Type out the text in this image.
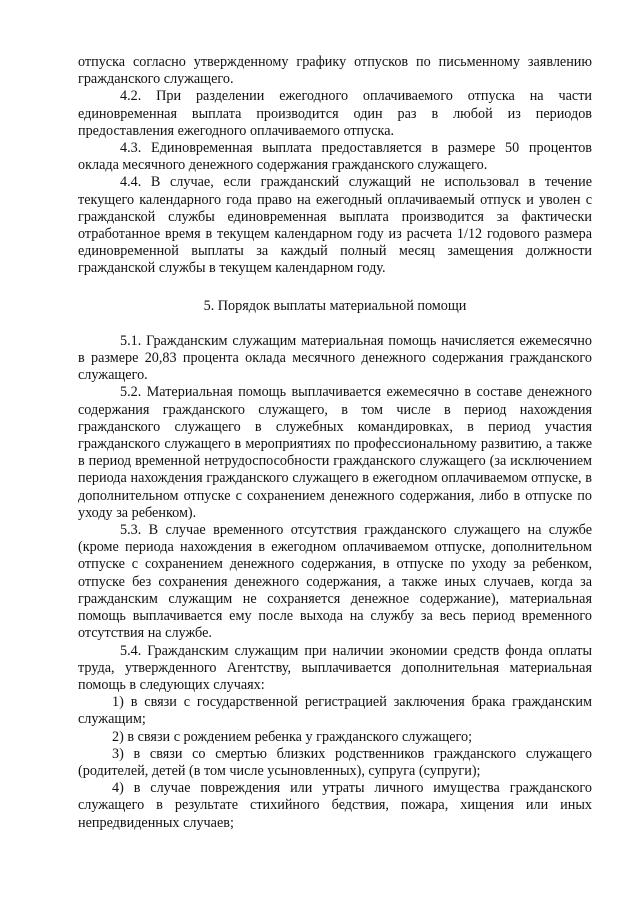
отпуска согласно утвержденному графику отпусков по письменному заявлению гражданского служащего.

4.2. При разделении ежегодного оплачиваемого отпуска на части единовременная выплата производится один раз в любой из периодов предоставления ежегодного оплачиваемого отпуска.

4.3. Единовременная выплата предоставляется в размере 50 процентов оклада месячного денежного содержания гражданского служащего.

4.4. В случае, если гражданский служащий не использовал в течение текущего календарного года право на ежегодный оплачиваемый отпуск и уволен с гражданской службы единовременная выплата производится за фактически отработанное время в текущем календарном году из расчета 1/12 годового размера единовременной выплаты за каждый полный месяц замещения должности гражданской службы в текущем календарном году.

5. Порядок выплаты материальной помощи

5.1. Гражданским служащим материальная помощь начисляется ежемесячно в размере 20,83 процента оклада месячного денежного содержания гражданского служащего.

5.2. Материальная помощь выплачивается ежемесячно в составе денежного содержания гражданского служащего, в том числе в период нахождения гражданского служащего в служебных командировках, в период участия гражданского служащего в мероприятиях по профессиональному развитию, а также в период временной нетрудоспособности гражданского служащего (за исключением периода нахождения гражданского служащего в ежегодном оплачиваемом отпуске, в дополнительном отпуске с сохранением денежного содержания, либо в отпуске по уходу за ребенком).

5.3. В случае временного отсутствия гражданского служащего на службе (кроме периода нахождения в ежегодном оплачиваемом отпуске, дополнительном отпуске с сохранением денежного содержания, в отпуске по уходу за ребенком, отпуске без сохранения денежного содержания, а также иных случаев, когда за гражданским служащим не сохраняется денежное содержание), материальная помощь выплачивается ему после выхода на службу за весь период временного отсутствия на службе.

5.4. Гражданским служащим при наличии экономии средств фонда оплаты труда, утвержденного Агентству, выплачивается дополнительная материальная помощь в следующих случаях:

1) в связи с государственной регистрацией заключения брака гражданским служащим;

2) в связи с рождением ребенка у гражданского служащего;

3) в связи со смертью близких родственников гражданского служащего (родителей, детей (в том числе усыновленных), супруга (супруги);

4) в случае повреждения или утраты личного имущества гражданского служащего в результате стихийного бедствия, пожара, хищения или иных непредвиденных случаев;
